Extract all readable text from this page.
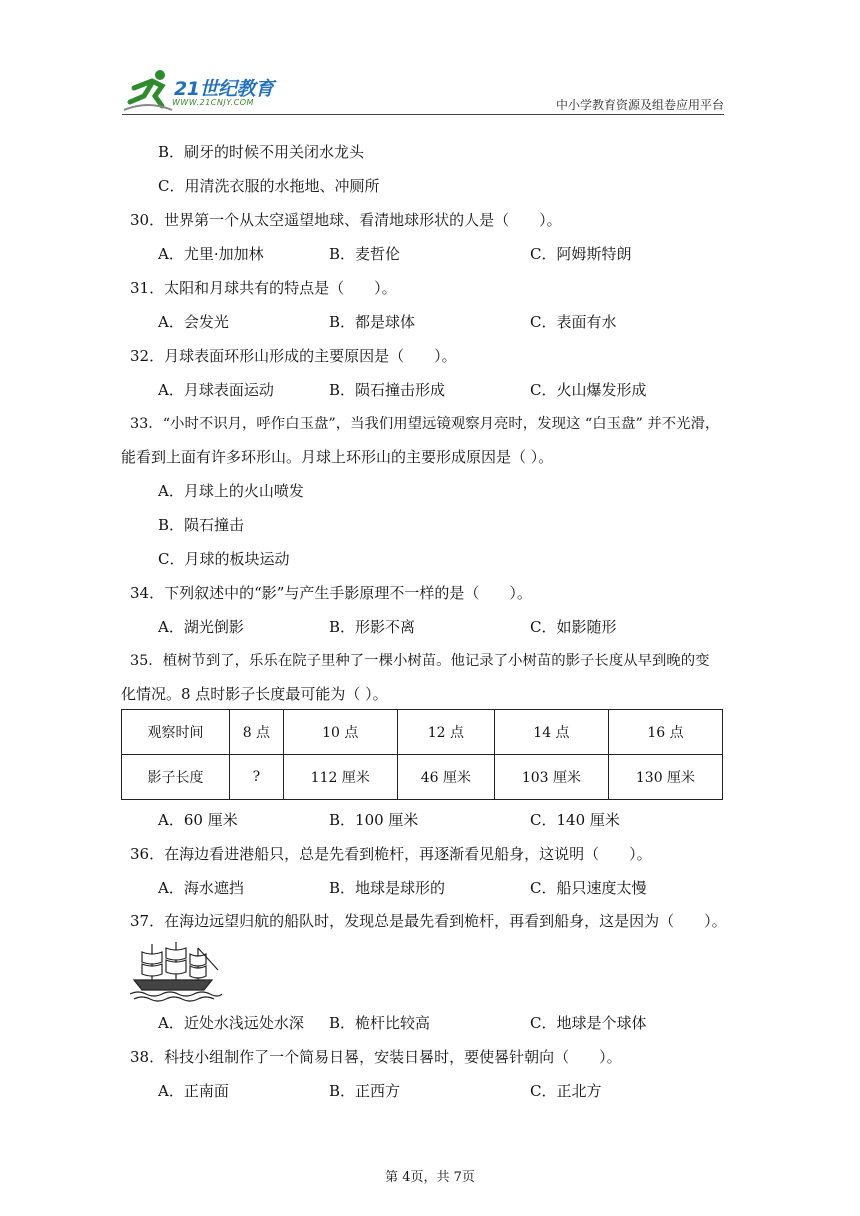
21世纪教育
WWW.21CNJY.COM	中小学教育资源及组卷应用平台
B．刷牙的时候不用关闭水龙头
C．用清洗衣服的水拖地、冲厕所
30．世界第一个从太空遥望地球、看清地球形状的人是（　　）。
A．尤里·加加林	B．麦哲伦	C．阿姆斯特朗
31．太阳和月球共有的特点是（　　）。
A．会发光	B．都是球体	C．表面有水
32．月球表面环形山形成的主要原因是（　　）。
A．月球表面运动	B．陨石撞击形成	C．火山爆发形成
33．“小时不识月，呼作白玉盘”，当我们用望远镜观察月亮时，发现这 “白玉盘” 并不光滑，
能看到上面有许多环形山。月球上环形山的主要形成原因是（ ）。
A．月球上的火山喷发
B．陨石撞击
C．月球的板块运动
34．下列叙述中的“影”与产生手影原理不一样的是（　　）。
A．湖光倒影	B．形影不离	C．如影随形
35．植树节到了，乐乐在院子里种了一棵小树苗。他记录了小树苗的影子长度从早到晚的变
化情况。8 点时影子长度最可能为（ ）。
观察时间	8 点	10 点	12 点	14 点	16 点
影子长度	?	112 厘米	46 厘米	103 厘米	130 厘米
A．60 厘米	B．100 厘米	C．140 厘米
36．在海边看进港船只，总是先看到桅杆，再逐渐看见船身，这说明（　　）。
A．海水遮挡	B．地球是球形的	C．船只速度太慢
37．在海边远望归航的船队时，发现总是最先看到桅杆，再看到船身，这是因为（　　）。
A．近处水浅远处水深 B．桅杆比较高	C．地球是个球体
38．科技小组制作了一个简易日晷，安装日晷时，要使晷针朝向（　　）。
A．正南面	B．正西方	C．正北方
第 4页，共 7页
